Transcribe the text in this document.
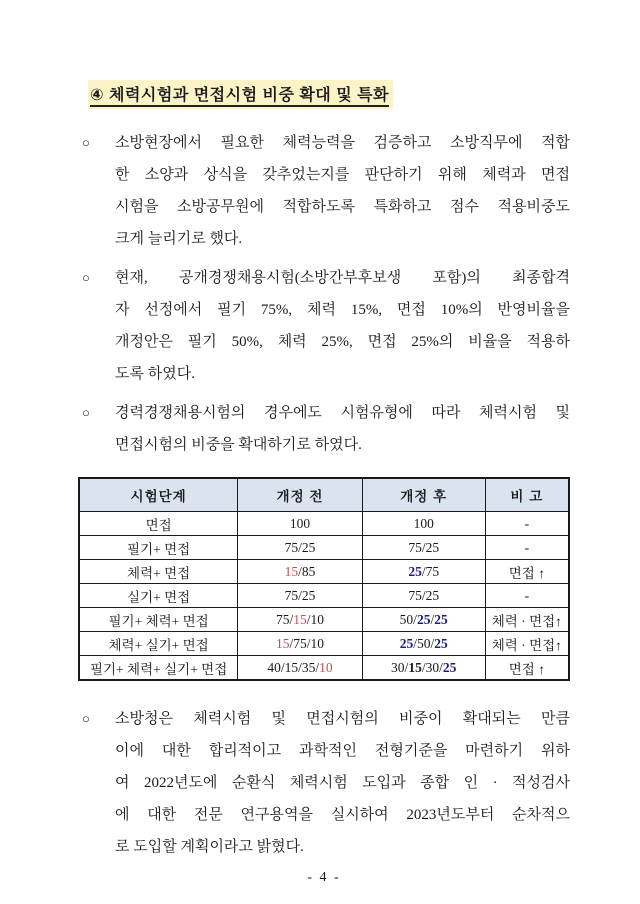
④ 체력시험과 면접시험 비중 확대 및 특화
○ 소방현장에서 필요한 체력능력을 검증하고 소방직무에 적합
한 소양과 상식을 갖추었는지를 판단하기 위해 체력과 면접
시험을 소방공무원에 적합하도록 특화하고 점수 적용비중도
크게 늘리기로 했다.
○ 현재, 공개경쟁채용시험(소방간부후보생 포함)의 최종합격
자 선정에서 필기 75%, 체력 15%, 면접 10%의 반영비율을
개정안은 필기 50%, 체력 25%, 면접 25%의 비율을 적용하
도록 하였다.
○ 경력경쟁채용시험의 경우에도 시험유형에 따라 체력시험 및
면접시험의 비중을 확대하기로 하였다.
시험단계	개정 전	개정 후	비 고
면접	100	100	-
필기+ 면접	75/25	75/25	-
체력+ 면접	15/85	25/75	면접 ↑
실기+ 면접	75/25	75/25	-
필기+ 체력+ 면접	75/15/10	50/25/25	체력 · 면접↑
체력+ 실기+ 면접	15/75/10	25/50/25	체력 · 면접↑
필기+ 체력+ 실기+ 면접	40/15/35/10	30/15/30/25	면접 ↑
○ 소방청은 체력시험 및 면접시험의 비중이 확대되는 만큼
이에 대한 합리적이고 과학적인 전형기준을 마련하기 위하
여 2022년도에 순환식 체력시험 도입과 종합 인 · 적성검사
에 대한 전문 연구용역을 실시하여 2023년도부터 순차적으
로 도입할 계획이라고 밝혔다.
- 4 -
